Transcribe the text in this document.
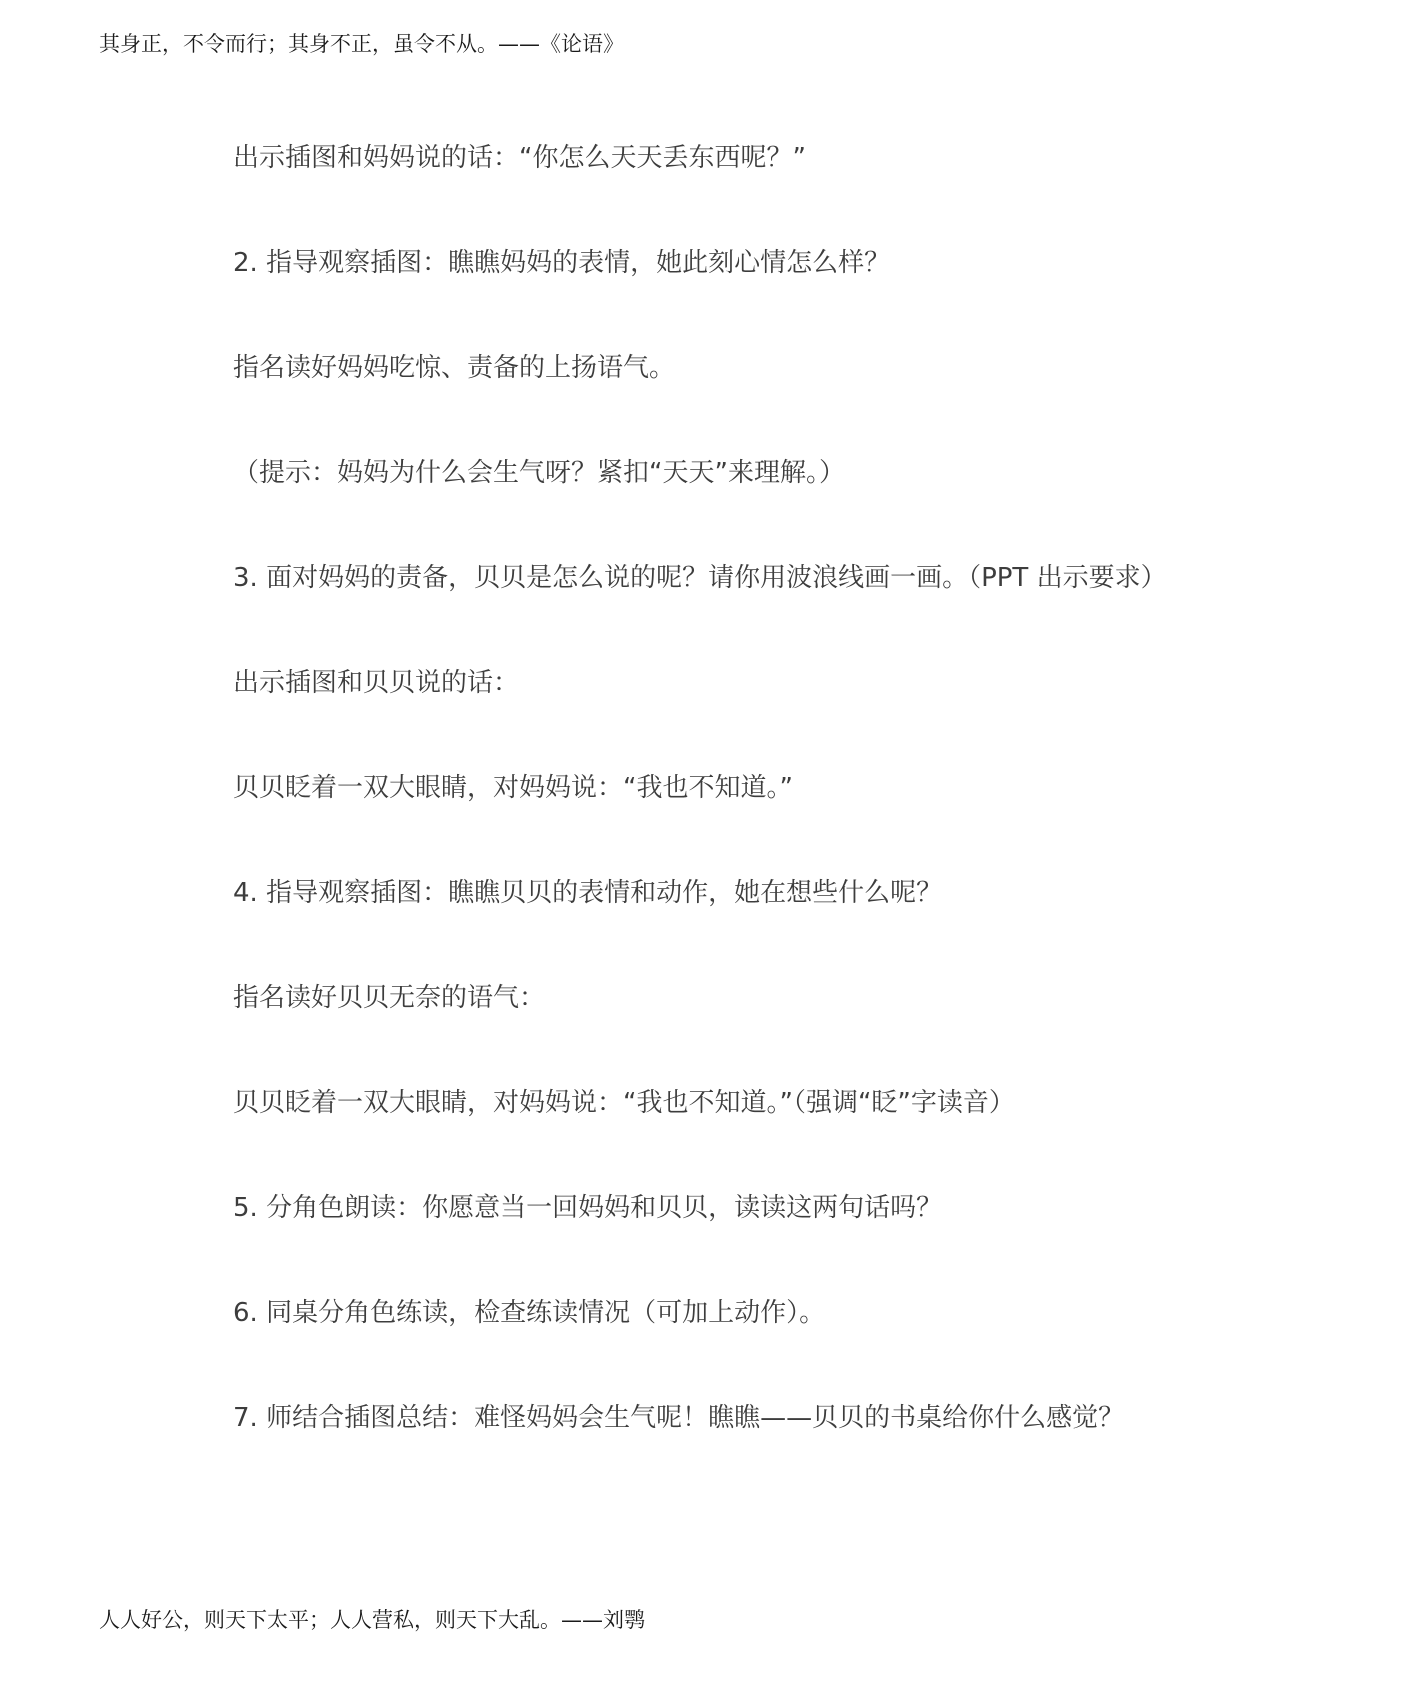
其身正，不令而行；其身不正，虽令不从。——《论语》
出示插图和妈妈说的话：“你怎么天天丢东西呢？”
2. 指导观察插图：瞧瞧妈妈的表情，她此刻心情怎么样？
指名读好妈妈吃惊、责备的上扬语气。
（提示：妈妈为什么会生气呀？紧扣“天天”来理解。）
3. 面对妈妈的责备，贝贝是怎么说的呢？请你用波浪线画一画。（PPT 出示要求）
出示插图和贝贝说的话：
贝贝眨着一双大眼睛，对妈妈说：“我也不知道。”
4. 指导观察插图：瞧瞧贝贝的表情和动作，她在想些什么呢？
指名读好贝贝无奈的语气：
贝贝眨着一双大眼睛，对妈妈说：“我也不知道。”（强调“眨”字读音）
5. 分角色朗读：你愿意当一回妈妈和贝贝，读读这两句话吗？
6. 同桌分角色练读，检查练读情况（可加上动作）。
7. 师结合插图总结：难怪妈妈会生气呢！瞧瞧——贝贝的书桌给你什么感觉？
人人好公，则天下太平；人人营私，则天下大乱。——刘鹗
